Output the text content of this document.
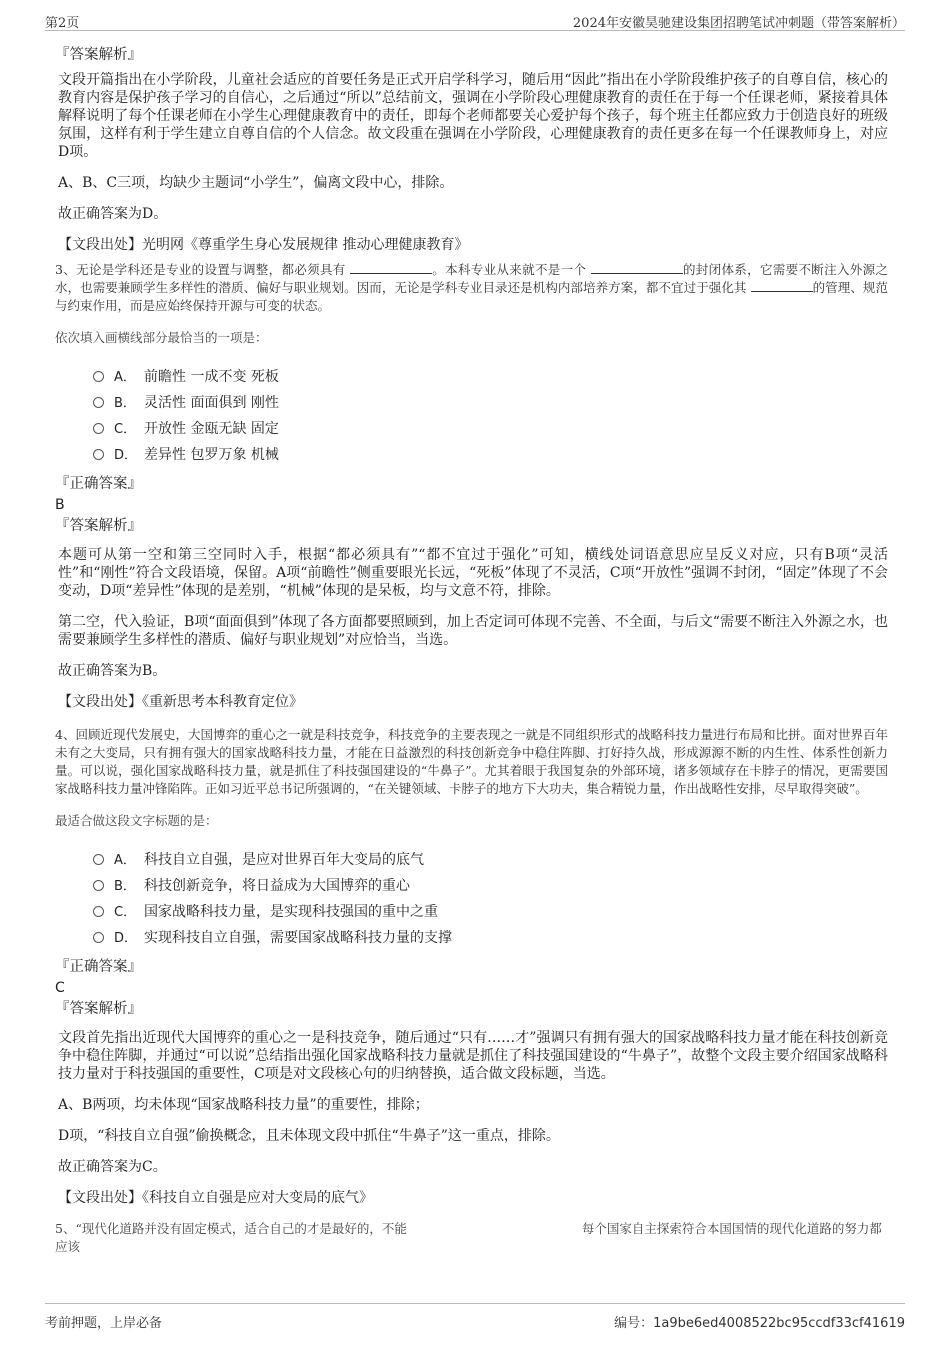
第2页	2024年安徽昊驰建设集团招聘笔试冲刺题（带答案解析）
『答案解析』

文段开篇指出在小学阶段，儿童社会适应的首要任务是正式开启学科学习，随后用“因此”指出在小学阶段维护孩子的自尊自信，核心的教育内容是保护孩子学习的自信心，之后通过“所以”总结前文，强调在小学阶段心理健康教育的责任在于每一个任课老师，紧接着具体解释说明了每个任课老师在小学生心理健康教育中的责任，即每个老师都要关心爱护每个孩子，每个班主任都应致力于创造良好的班级氛围，这样有利于学生建立自尊自信的个人信念。故文段重在强调在小学阶段，心理健康教育的责任更多在每一个任课教师身上，对应D项。

A、B、C三项，均缺少主题词“小学生”，偏离文段中心，排除。

故正确答案为D。

【文段出处】光明网《尊重学生身心发展规律 推动心理健康教育》

3、无论是学科还是专业的设置与调整，都必须具有	。本科专业从来就不是一个	的封闭体系，它需要不断注入外源之水，也需要兼顾学生多样性的潜质、偏好与职业规划。因而，无论是学科专业目录还是机构内部培养方案，都不宜过于强化其	的管理、规范与约束作用，而是应始终保持开源与可变的状态。

依次填入画横线部分最恰当的一项是：

A． 前瞻性 一成不变 死板
B． 灵活性 面面俱到 刚性
C． 开放性 金瓯无缺 固定
D． 差异性 包罗万象 机械
『正确答案』
B
『答案解析』

本题可从第一空和第三空同时入手，根据“都必须具有”“都不宜过于强化”可知，横线处词语意思应呈反义对应，只有B项“灵活性”和“刚性”符合文段语境，保留。A项“前瞻性”侧重要眼光长远，“死板”体现了不灵活，C项“开放性”强调不封闭，“固定”体现了不会变动，D项“差异性”体现的是差别，“机械”体现的是呆板，均与文意不符，排除。

第二空，代入验证，B项“面面俱到”体现了各方面都要照顾到，加上否定词可体现不完善、不全面，与后文“需要不断注入外源之水，也需要兼顾学生多样性的潜质、偏好与职业规划”对应恰当，当选。

故正确答案为B。

【文段出处】《重新思考本科教育定位》

4、回顾近现代发展史，大国博弈的重心之一就是科技竞争，科技竞争的主要表现之一就是不同组织形式的战略科技力量进行布局和比拼。面对世界百年未有之大变局，只有拥有强大的国家战略科技力量，才能在日益激烈的科技创新竞争中稳住阵脚、打好持久战，形成源源不断的内生性、体系性创新力量。可以说，强化国家战略科技力量，就是抓住了科技强国建设的“牛鼻子”。尤其着眼于我国复杂的外部环境，诸多领域存在卡脖子的情况，更需要国家战略科技力量冲锋陷阵。正如习近平总书记所强调的，“在关键领域、卡脖子的地方下大功夫，集合精锐力量，作出战略性安排，尽早取得突破”。

最适合做这段文字标题的是：

A． 科技自立自强，是应对世界百年大变局的底气
B． 科技创新竞争，将日益成为大国博弈的重心
C． 国家战略科技力量，是实现科技强国的重中之重
D． 实现科技自立自强，需要国家战略科技力量的支撑
『正确答案』
C
『答案解析』

文段首先指出近现代大国博弈的重心之一是科技竞争，随后通过“只有……才”强调只有拥有强大的国家战略科技力量才能在科技创新竞争中稳住阵脚，并通过“可以说”总结指出强化国家战略科技力量就是抓住了科技强国建设的“牛鼻子”，故整个文段主要介绍国家战略科技力量对于科技强国的重要性，C项是对文段核心句的归纳替换，适合做文段标题，当选。

A、B两项，均未体现“国家战略科技力量”的重要性，排除；

D项，“科技自立自强”偷换概念，且未体现文段中抓住“牛鼻子”这一重点，排除。

故正确答案为C。

【文段出处】《科技自立自强是应对大变局的底气》

5、“现代化道路并没有固定模式，适合自己的才是最好的，不能　　　　　　　　　　　　　　每个国家自主探索符合本国国情的现代化道路的努力都应该
考前押题，上岸必备	编号：1a9be6ed4008522bc95ccdf33cf41619
